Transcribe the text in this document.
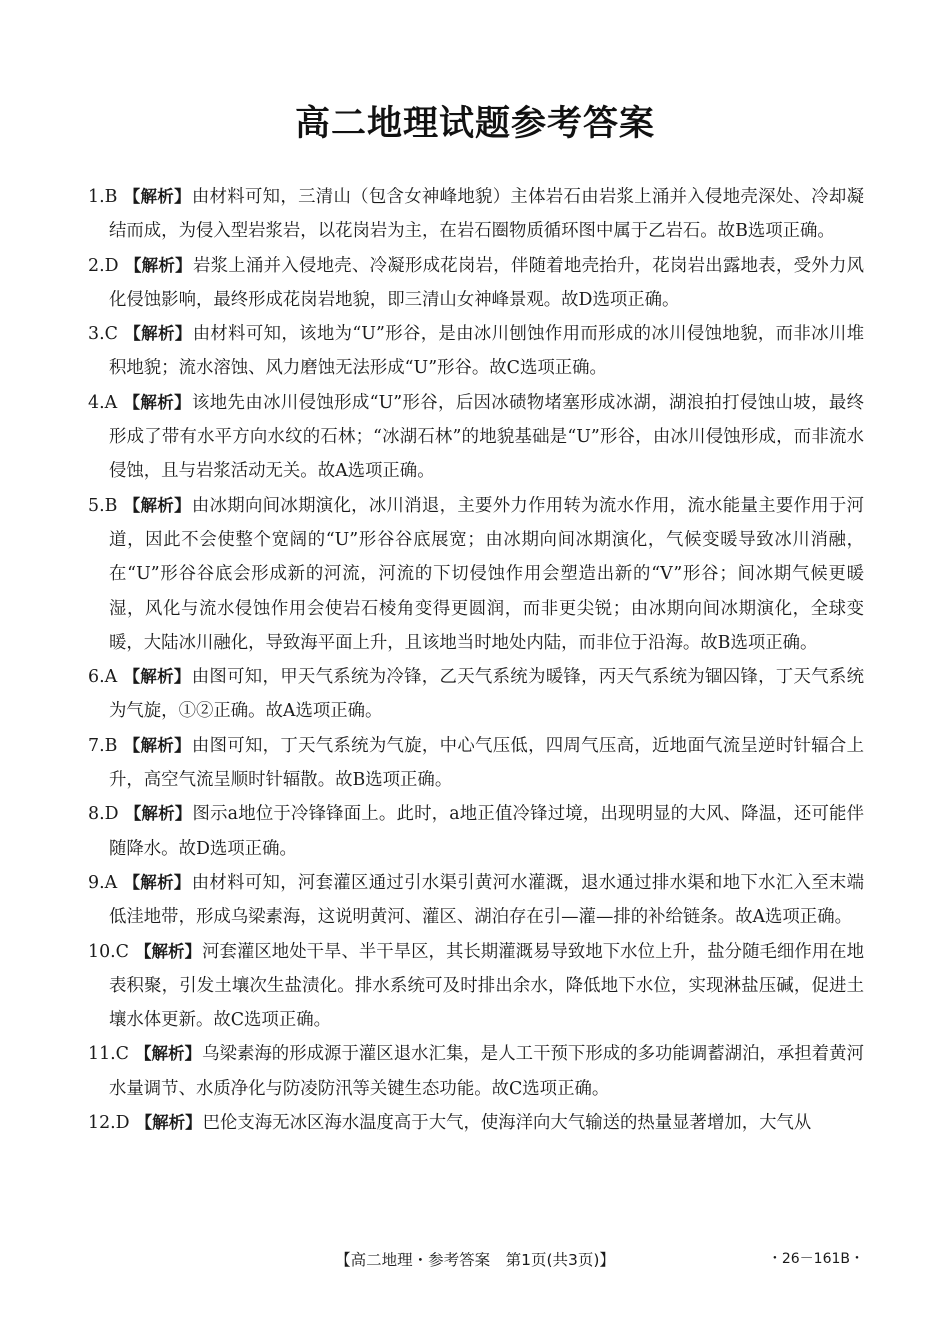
高二地理试题参考答案
1.B 【解析】由材料可知，三清山（包含女神峰地貌）主体岩石由岩浆上涌并入侵地壳深处、冷却凝结而成，为侵入型岩浆岩，以花岗岩为主，在岩石圈物质循环图中属于乙岩石。故B选项正确。
2.D 【解析】岩浆上涌并入侵地壳、冷凝形成花岗岩，伴随着地壳抬升，花岗岩出露地表，受外力风化侵蚀影响，最终形成花岗岩地貌，即三清山女神峰景观。故D选项正确。
3.C 【解析】由材料可知，该地为“U”形谷，是由冰川刨蚀作用而形成的冰川侵蚀地貌，而非冰川堆积地貌；流水溶蚀、风力磨蚀无法形成“U”形谷。故C选项正确。
4.A 【解析】该地先由冰川侵蚀形成“U”形谷，后因冰碛物堵塞形成冰湖，湖浪拍打侵蚀山坡，最终形成了带有水平方向水纹的石林；“冰湖石林”的地貌基础是“U”形谷，由冰川侵蚀形成，而非流水侵蚀，且与岩浆活动无关。故A选项正确。
5.B 【解析】由冰期向间冰期演化，冰川消退，主要外力作用转为流水作用，流水能量主要作用于河道，因此不会使整个宽阔的“U”形谷谷底展宽；由冰期向间冰期演化，气候变暖导致冰川消融，在“U”形谷谷底会形成新的河流，河流的下切侵蚀作用会塑造出新的“V”形谷；间冰期气候更暖湿，风化与流水侵蚀作用会使岩石棱角变得更圆润，而非更尖锐；由冰期向间冰期演化，全球变暖，大陆冰川融化，导致海平面上升，且该地当时地处内陆，而非位于沿海。故B选项正确。
6.A 【解析】由图可知，甲天气系统为冷锋，乙天气系统为暖锋，丙天气系统为锢囚锋，丁天气系统为气旋，①②正确。故A选项正确。
7.B 【解析】由图可知，丁天气系统为气旋，中心气压低，四周气压高，近地面气流呈逆时针辐合上升，高空气流呈顺时针辐散。故B选项正确。
8.D 【解析】图示a地位于冷锋锋面上。此时，a地正值冷锋过境，出现明显的大风、降温，还可能伴随降水。故D选项正确。
9.A 【解析】由材料可知，河套灌区通过引水渠引黄河水灌溉，退水通过排水渠和地下水汇入至末端低洼地带，形成乌梁素海，这说明黄河、灌区、湖泊存在引—灌—排的补给链条。故A选项正确。
10.C 【解析】河套灌区地处干旱、半干旱区，其长期灌溉易导致地下水位上升，盐分随毛细作用在地表积聚，引发土壤次生盐渍化。排水系统可及时排出余水，降低地下水位，实现淋盐压碱，促进土壤水体更新。故C选项正确。
11.C 【解析】乌梁素海的形成源于灌区退水汇集，是人工干预下形成的多功能调蓄湖泊，承担着黄河水量调节、水质净化与防凌防汛等关键生态功能。故C选项正确。
12.D 【解析】巴伦支海无冰区海水温度高于大气，使海洋向大气输送的热量显著增加，大气从
【高二地理・参考答案　第1页(共3页)】	・26－161B・
